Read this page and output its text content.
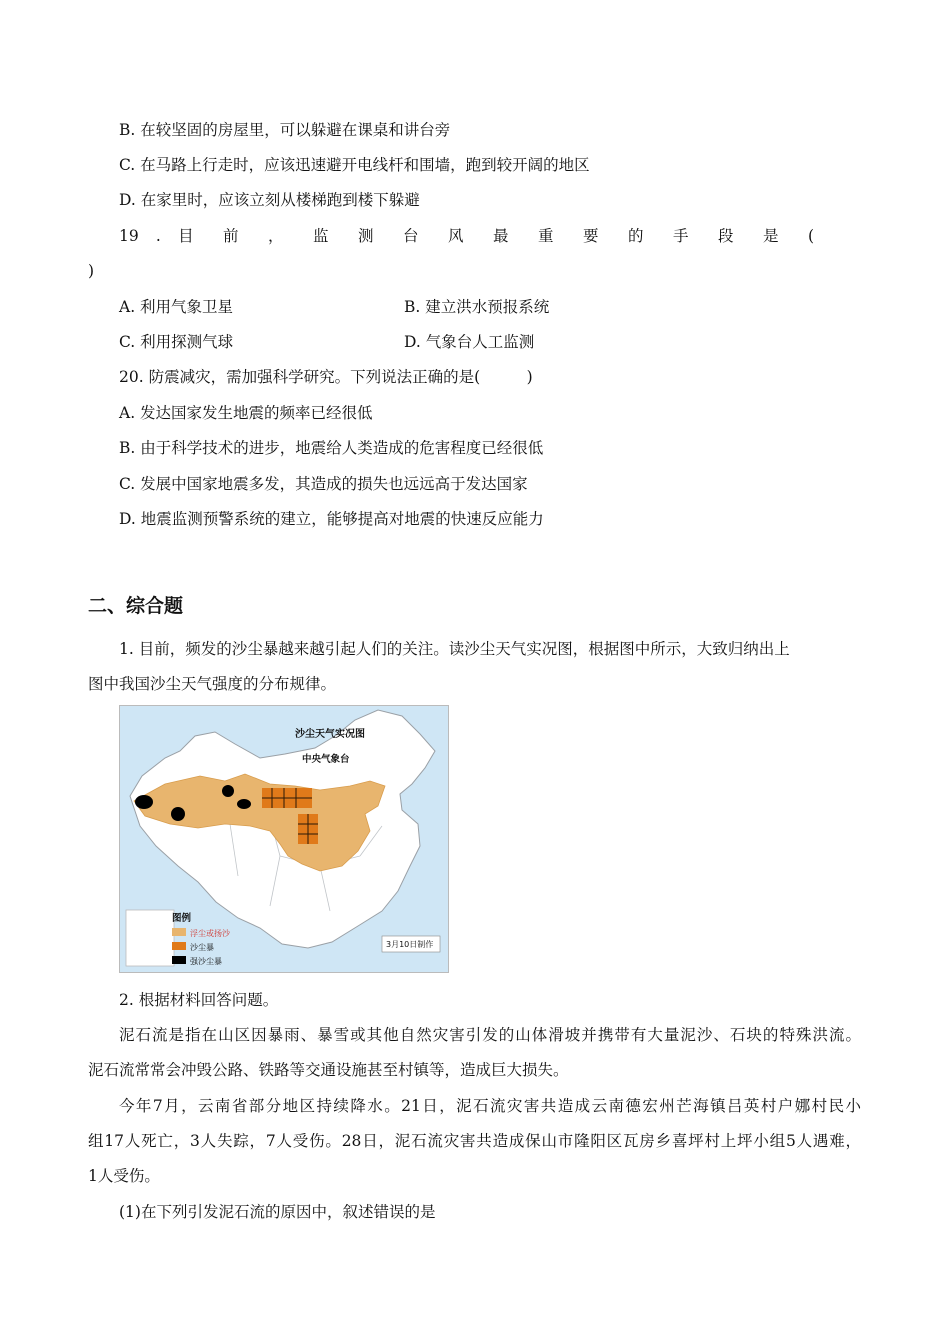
B. 在较坚固的房屋里，可以躲避在课桌和讲台旁
C. 在马路上行走时，应该迅速避开电线杆和围墙，跑到较开阔的地区
D. 在家里时，应该立刻从楼梯跑到楼下躲避
19 . 目 前 ， 监 测 台 风 最 重 要 的 手 段 是 (
)
A. 利用气象卫星	B. 建立洪水预报系统
C. 利用探测气球	D. 气象台人工监测
20. 防震减灾，需加强科学研究。下列说法正确的是(　　　)
A. 发达国家发生地震的频率已经很低
B. 由于科学技术的进步，地震给人类造成的危害程度已经很低
C. 发展中国家地震多发，其造成的损失也远远高于发达国家
D. 地震监测预警系统的建立，能够提高对地震的快速反应能力
二、综合题
1. 目前，频发的沙尘暴越来越引起人们的关注。读沙尘天气实况图，根据图中所示，大致归纳出上
图中我国沙尘天气强度的分布规律。
沙尘天气实况图
中央气象台
图例
浮尘或扬沙
沙尘暴
强沙尘暴
3月10日制作
2. 根据材料回答问题。
泥石流是指在山区因暴雨、暴雪或其他自然灾害引发的山体滑坡并携带有大量泥沙、石块的特殊洪流。
泥石流常常会冲毁公路、铁路等交通设施甚至村镇等，造成巨大损失。
今年7月，云南省部分地区持续降水。21日，泥石流灾害共造成云南德宏州芒海镇吕英村户娜村民小
组17人死亡，3人失踪，7人受伤。28日，泥石流灾害共造成保山市隆阳区瓦房乡喜坪村上坪小组5人遇难，
1人受伤。
(1)在下列引发泥石流的原因中，叙述错误的是
